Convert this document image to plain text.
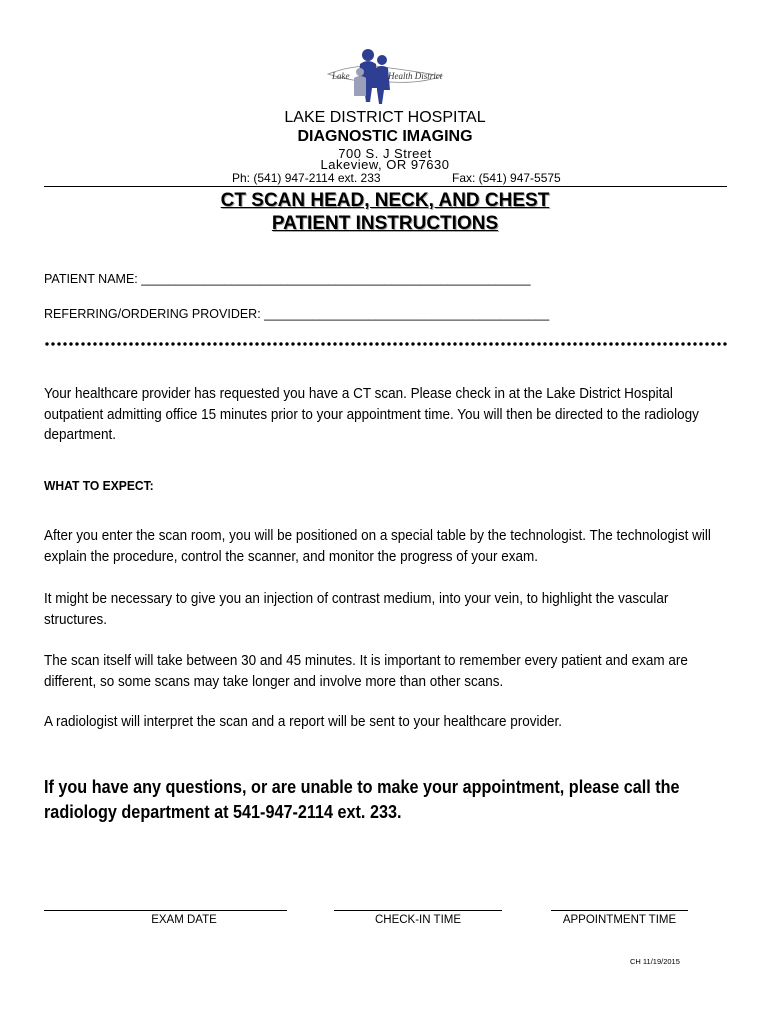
Lake	Health District
LAKE DISTRICT HOSPITAL
DIAGNOSTIC IMAGING
700 S. J Street
Lakeview, OR 97630
Ph: (541) 947-2114 ext. 233	Fax: (541) 947-5575
CT SCAN HEAD, NECK, AND CHEST
PATIENT INSTRUCTIONS
PATIENT NAME: ________________________________________________________
REFERRING/ORDERING PROVIDER: _________________________________________
Your healthcare provider has requested you have a CT scan. Please check in at the Lake District Hospital outpatient admitting office 15 minutes prior to your appointment time. You will then be directed to the radiology department.
WHAT TO EXPECT:
After you enter the scan room, you will be positioned on a special table by the technologist. The technologist will explain the procedure, control the scanner, and monitor the progress of your exam.
It might be necessary to give you an injection of contrast medium, into your vein, to highlight the vascular structures.
The scan itself will take between 30 and 45 minutes. It is important to remember every patient and exam are different, so some scans may take longer and involve more than other scans.
A radiologist will interpret the scan and a report will be sent to your healthcare provider.
If you have any questions, or are unable to make your appointment, please call the radiology department at 541-947-2114 ext. 233.
EXAM DATE	CHECK-IN TIME	APPOINTMENT TIME
CH 11/19/2015
